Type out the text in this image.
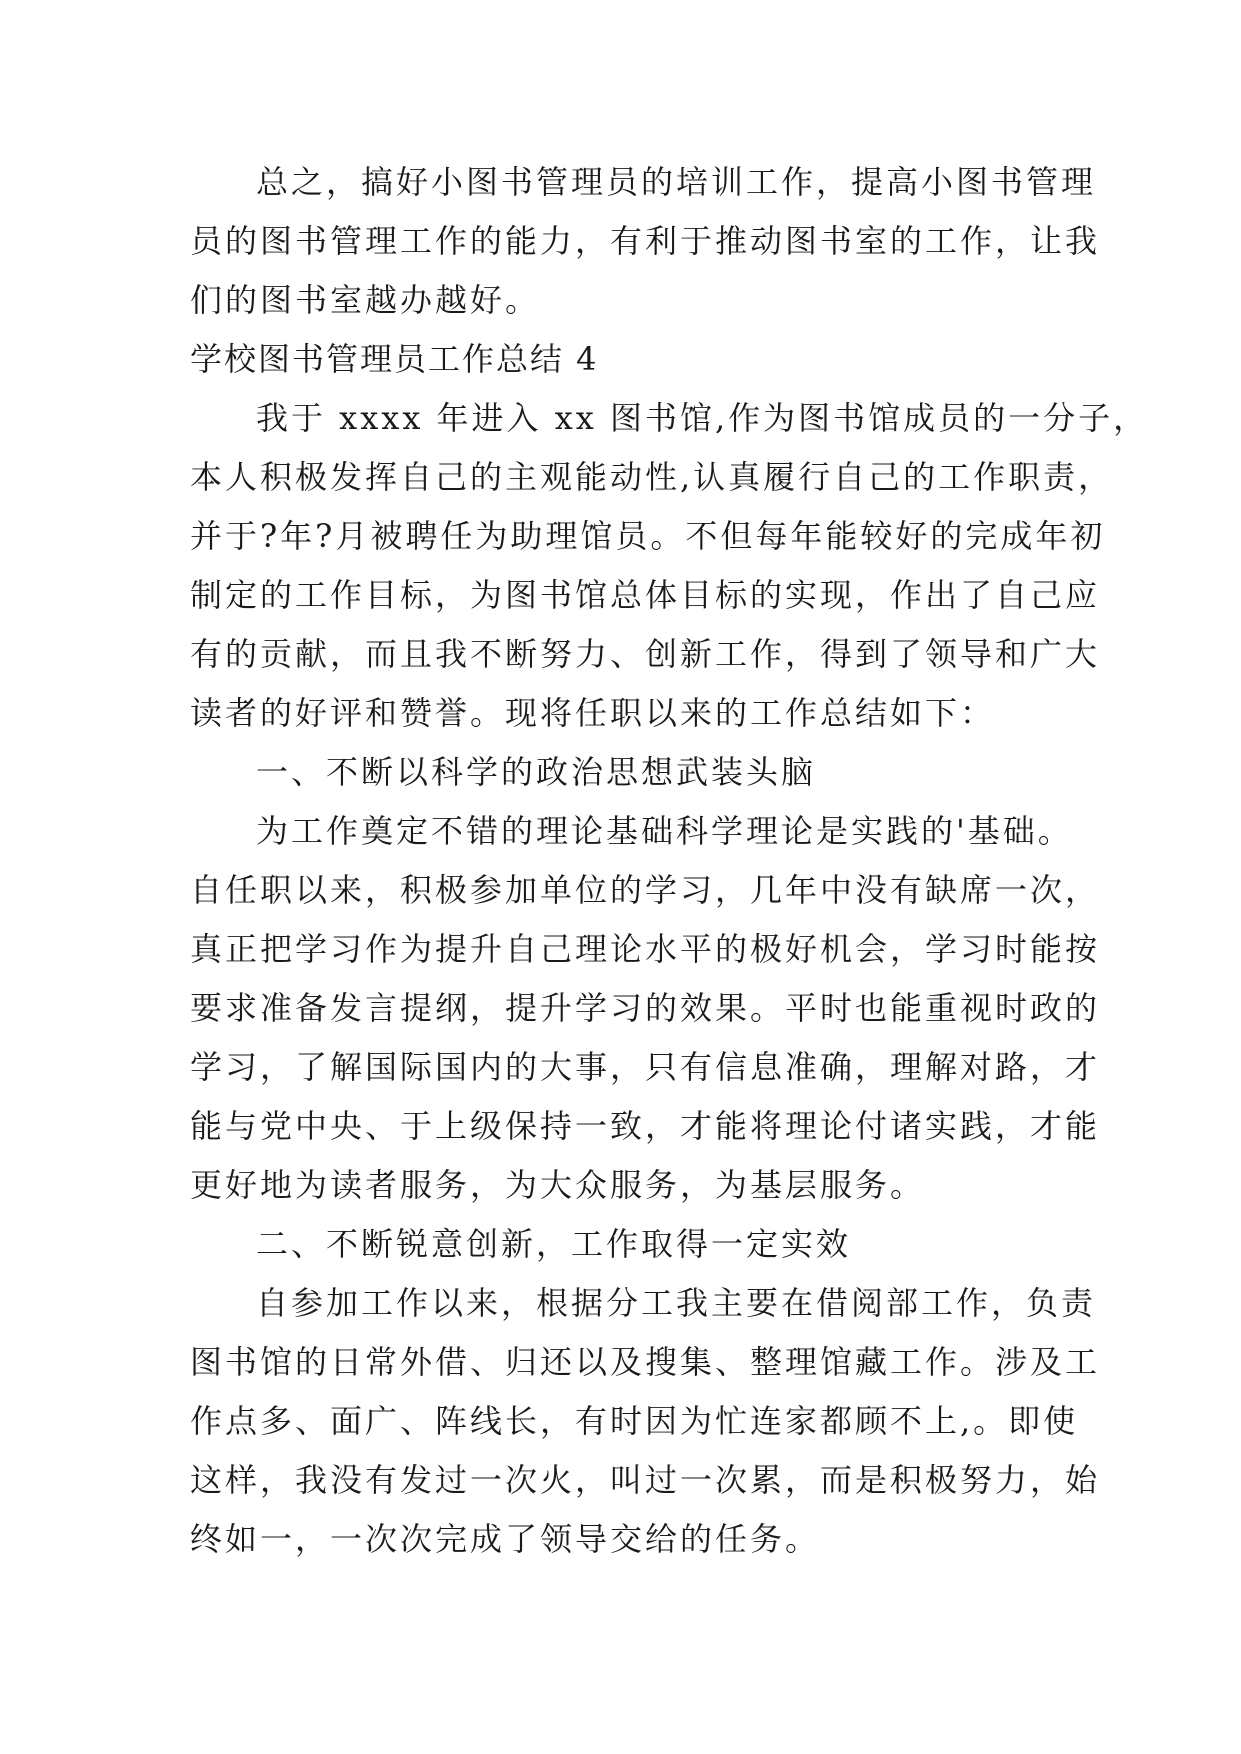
总之，搞好小图书管理员的培训工作，提高小图书管理
员的图书管理工作的能力，有利于推动图书室的工作，让我
们的图书室越办越好。
学校图书管理员工作总结 4
我于 xxxx 年进入 xx 图书馆,作为图书馆成员的一分子，
本人积极发挥自己的主观能动性,认真履行自己的工作职责，
并于?年?月被聘任为助理馆员。不但每年能较好的完成年初
制定的工作目标，为图书馆总体目标的实现，作出了自己应
有的贡献，而且我不断努力、创新工作，得到了领导和广大
读者的好评和赞誉。现将任职以来的工作总结如下：
一、不断以科学的政治思想武装头脑
为工作奠定不错的理论基础科学理论是实践的'基础。
自任职以来，积极参加单位的学习，几年中没有缺席一次，
真正把学习作为提升自己理论水平的极好机会，学习时能按
要求准备发言提纲，提升学习的效果。平时也能重视时政的
学习，了解国际国内的大事，只有信息准确，理解对路，才
能与党中央、于上级保持一致，才能将理论付诸实践，才能
更好地为读者服务，为大众服务，为基层服务。
二、不断锐意创新，工作取得一定实效
自参加工作以来，根据分工我主要在借阅部工作，负责
图书馆的日常外借、归还以及搜集、整理馆藏工作。涉及工
作点多、面广、阵线长，有时因为忙连家都顾不上,。即使
这样，我没有发过一次火，叫过一次累，而是积极努力，始
终如一，一次次完成了领导交给的任务。
